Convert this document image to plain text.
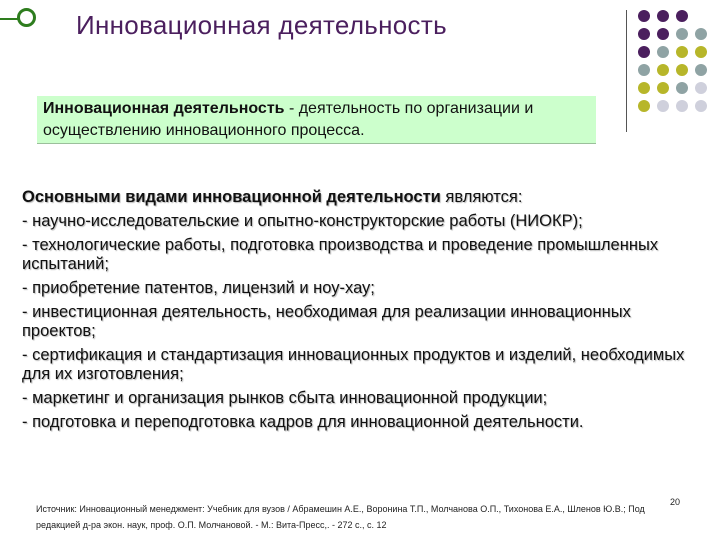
Инновационная деятельность
Инновационная деятельность - деятельность по организации и осуществлению инновационного процесса.

Основными видами инновационной деятельности являются:

- научно-исследовательские и опытно-конструкторские работы (НИОКР);
- технологические работы, подготовка производства и проведение промышленных испытаний;
- приобретение патентов, лицензий и ноу-хау;
- инвестиционная деятельность, необходимая для реализации инновационных проектов;
- сертификация и стандартизация инновационных продуктов и изделий, необходимых для их изготовления;
- маркетинг и организация рынков сбыта инновационной продукции;
- подготовка и переподготовка кадров для инновационной деятельности.
Источник: Инновационный менеджмент: Учебник для вузов / Абрамешин А.Е., Воронина Т.П., Молчанова О.П., Тихонова Е.А., Шленов Ю.В.; Под редакцией д-ра экон. наук, проф. О.П. Молчановой. - М.: Вита-Пресс,. - 272 с., с. 12
20
